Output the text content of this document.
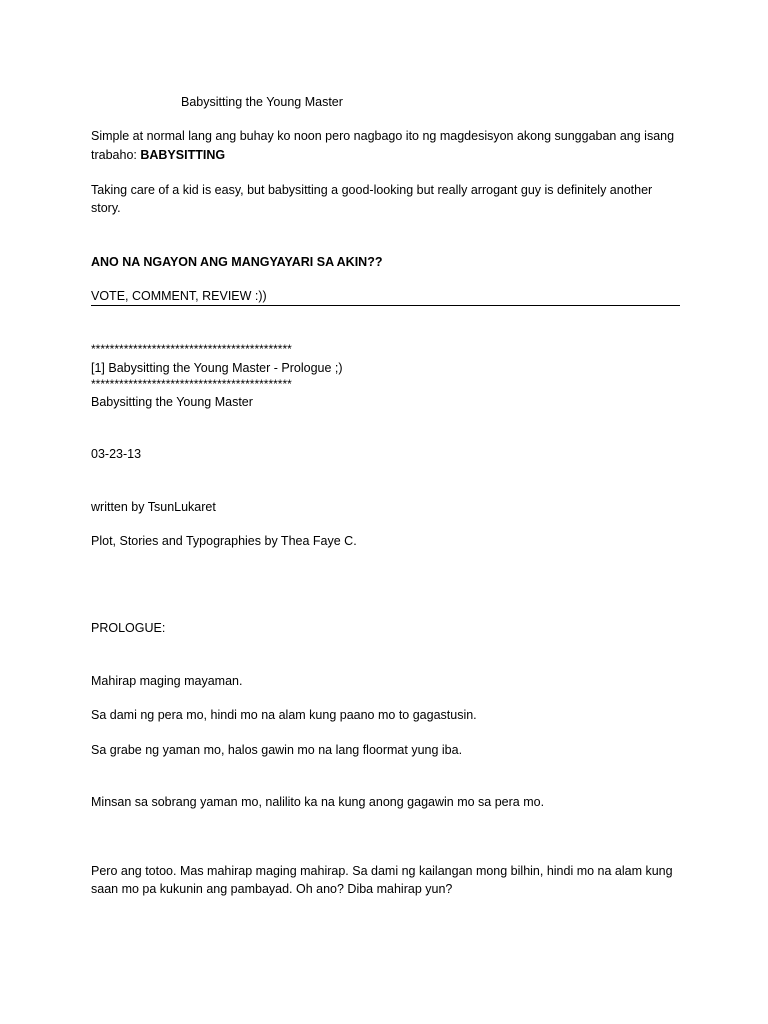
Babysitting the Young Master
Simple at normal lang ang buhay ko noon pero nagbago ito ng magdesisyon akong sunggaban ang isang
trabaho: BABYSITTING
Taking care of a kid is easy, but babysitting a good-looking but really arrogant guy is definitely another
story.
ANO NA NGAYON ANG MANGYAYARI SA AKIN??
VOTE, COMMENT, REVIEW :))
*******************************************
[1] Babysitting the Young Master - Prologue ;)
*******************************************
Babysitting the Young Master
03-23-13
written by TsunLukaret
Plot, Stories and Typographies by Thea Faye C.
PROLOGUE:
Mahirap maging mayaman.
Sa dami ng pera mo, hindi mo na alam kung paano mo to gagastusin.
Sa grabe ng yaman mo, halos gawin mo na lang floormat yung iba.
Minsan sa sobrang yaman mo, nalilito ka na kung anong gagawin mo sa pera mo.
Pero ang totoo. Mas mahirap maging mahirap. Sa dami ng kailangan mong bilhin, hindi mo na alam kung
saan mo pa kukunin ang pambayad. Oh ano? Diba mahirap yun?
